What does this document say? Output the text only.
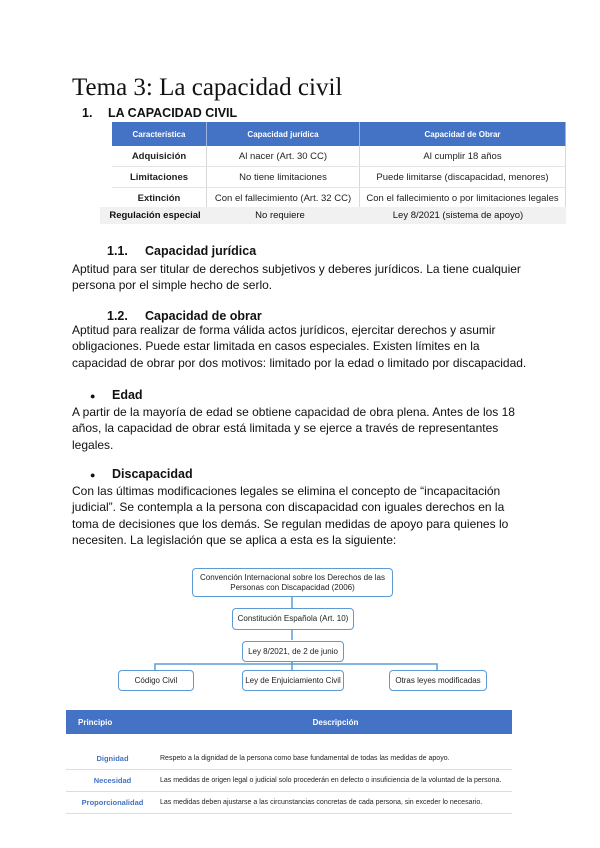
Tema 3: La capacidad civil
1. LA CAPACIDAD CIVIL
Característica	Capacidad jurídica	Capacidad de Obrar
Adquisición	Al nacer (Art. 30 CC)	Al cumplir 18 años
Limitaciones	No tiene limitaciones	Puede limitarse (discapacidad, menores)
Extinción	Con el fallecimiento (Art. 32 CC)	Con el fallecimiento o por limitaciones legales
Regulación especial	No requiere	Ley 8/2021 (sistema de apoyo)
1.1. Capacidad jurídica
Aptitud para ser titular de derechos subjetivos y deberes jurídicos. La tiene cualquier persona por el simple hecho de serlo.
1.2. Capacidad de obrar
Aptitud para realizar de forma válida actos jurídicos, ejercitar derechos y asumir obligaciones. Puede estar limitada en casos especiales. Existen límites en la capacidad de obrar por dos motivos: limitado por la edad o limitado por discapacidad.
● Edad
A partir de la mayoría de edad se obtiene capacidad de obra plena. Antes de los 18 años, la capacidad de obrar está limitada y se ejerce a través de representantes legales.
● Discapacidad
Con las últimas modificaciones legales se elimina el concepto de “incapacitación judicial”. Se contempla a la persona con discapacidad con iguales derechos en la toma de decisiones que los demás. Se regulan medidas de apoyo para quienes lo necesiten. La legislación que se aplica a esta es la siguiente:
Convención Internacional sobre los Derechos de las Personas con Discapacidad (2006)
Constitución Española (Art. 10)
Ley 8/2021, de 2 de junio
Código Civil	Ley de Enjuiciamiento Civil	Otras leyes modificadas
Principio	Descripción

Dignidad	Respeto a la dignidad de la persona como base fundamental de todas las medidas de apoyo.
Necesidad	Las medidas de origen legal o judicial solo procederán en defecto o insuficiencia de la voluntad de la persona.
Proporcionalidad	Las medidas deben ajustarse a las circunstancias concretas de cada persona, sin exceder lo necesario.
